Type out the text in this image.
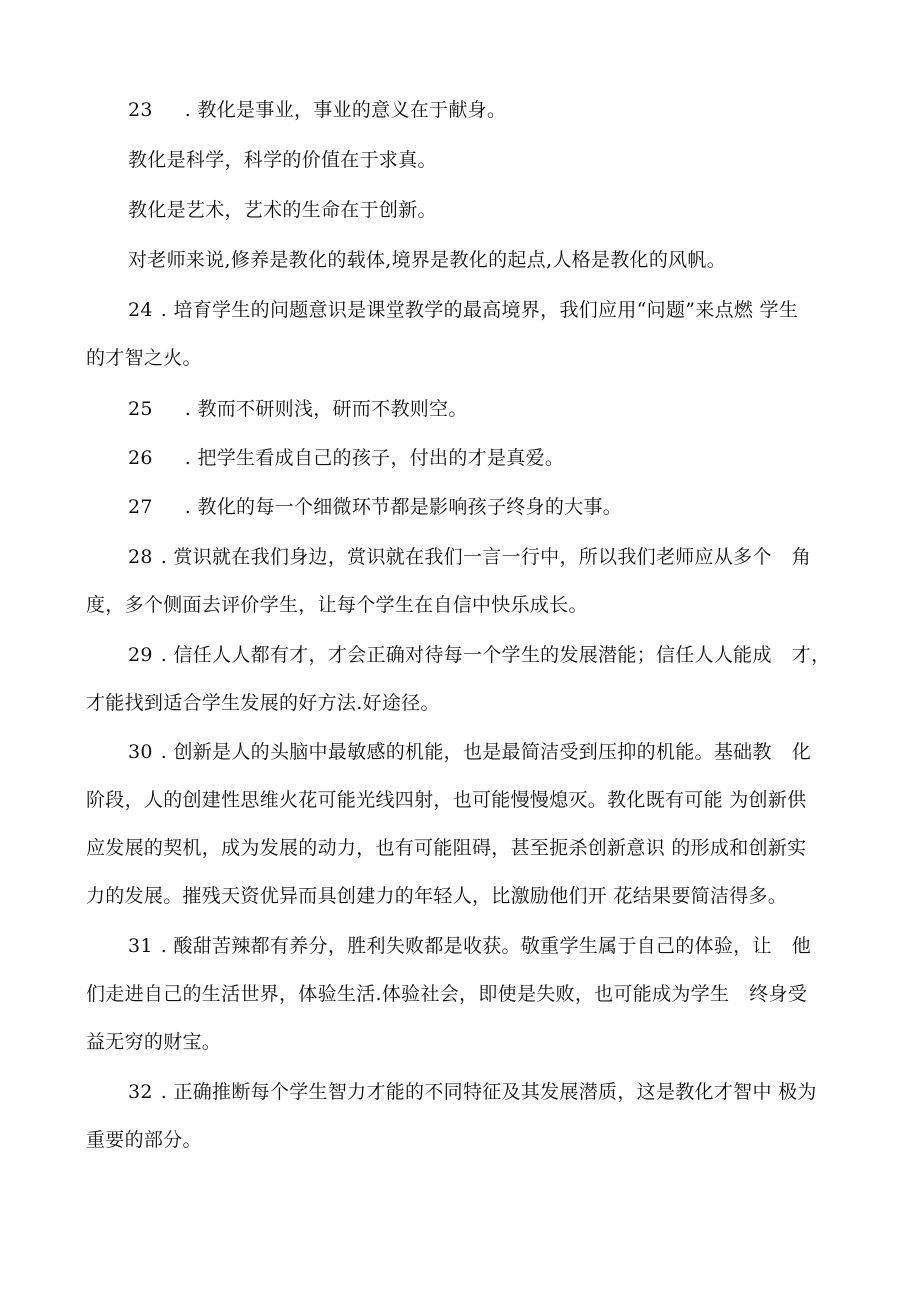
23 . 教化是事业，事业的意义在于献身。
教化是科学，科学的价值在于求真。
教化是艺术，艺术的生命在于创新。
对老师来说,修养是教化的载体,境界是教化的起点,人格是教化的风帆。
24 . 培育学生的问题意识是课堂教学的最高境界，我们应用“问题”来点燃 学生
的才智之火。
25 . 教而不研则浅，研而不教则空。
26 . 把学生看成自己的孩子，付出的才是真爱。
27 . 教化的每一个细微环节都是影响孩子终身的大事。
28 . 赏识就在我们身边，赏识就在我们一言一行中，所以我们老师应从多个 角
度，多个侧面去评价学生，让每个学生在自信中快乐成长。
29 . 信任人人都有才，才会正确对待每一个学生的发展潜能；信任人人能成 才，
才能找到适合学生发展的好方法.好途径。
30 . 创新是人的头脑中最敏感的机能，也是最简洁受到压抑的机能。基础教 化
阶段，人的创建性思维火花可能光线四射，也可能慢慢熄灭。教化既有可能 为创新供
应发展的契机，成为发展的动力，也有可能阻碍，甚至扼杀创新意识 的形成和创新实
力的发展。摧残天资优异而具创建力的年轻人，比激励他们开 花结果要简洁得多。
31 . 酸甜苦辣都有养分，胜利失败都是收获。敬重学生属于自己的体验，让 他
们走进自己的生活世界，体验生活.体验社会，即使是失败，也可能成为学生 终身受
益无穷的财宝。
32 . 正确推断每个学生智力才能的不同特征及其发展潜质，这是教化才智中 极为
重要的部分。
